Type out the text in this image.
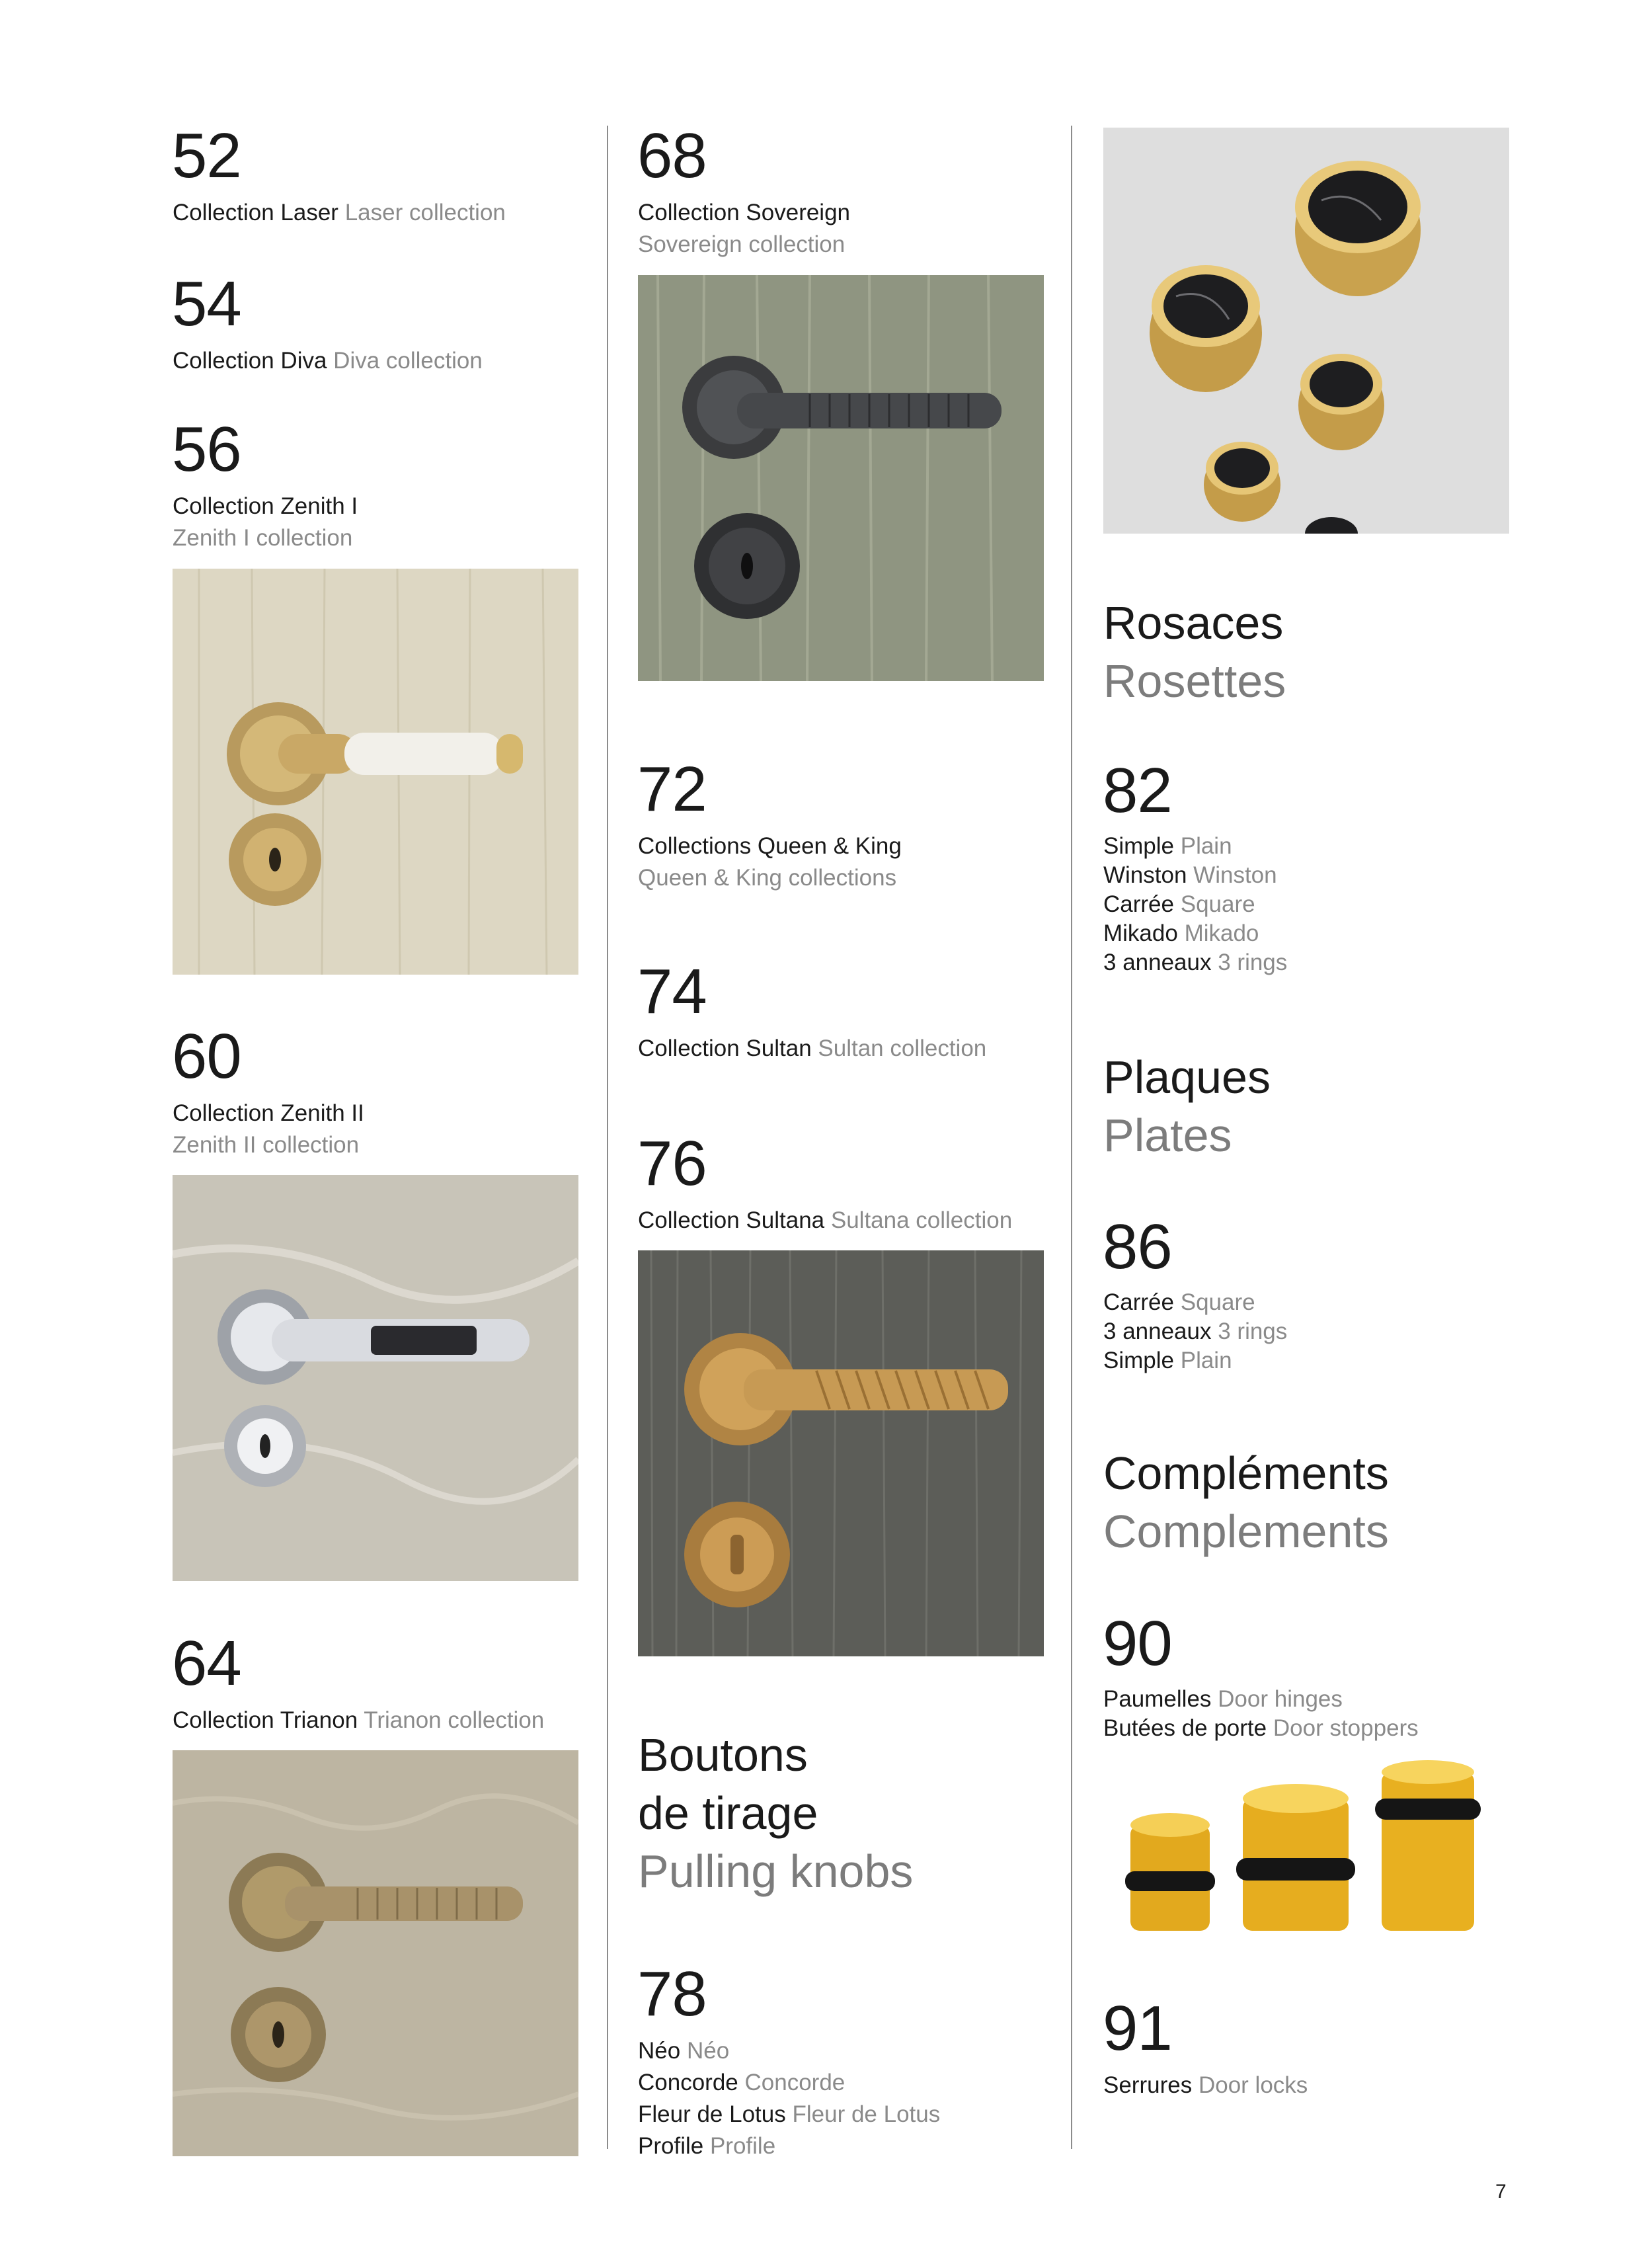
52
Collection Laser Laser collection
54
Collection Diva Diva collection
56
Collection Zenith I
Zenith I collection
60
Collection Zenith II
Zenith II collection
64
Collection Trianon Trianon collection
68
Collection Sovereign
Sovereign collection
72
Collections Queen & King
Queen & King collections
74
Collection Sultan Sultan collection
76
Collection Sultana Sultana collection
Boutons
de tirage
Pulling knobs
78
Néo Néo
Concorde Concorde
Fleur de Lotus Fleur de Lotus
Profile Profile
Rosaces
Rosettes
82
Simple Plain
Winston Winston
Carrée Square
Mikado Mikado
3 anneaux 3 rings
Plaques
Plates
86
Carrée Square
3 anneaux 3 rings
Simple Plain
Compléments
Complements
90
Paumelles Door hinges
Butées de porte Door stoppers
91
Serrures Door locks
7
